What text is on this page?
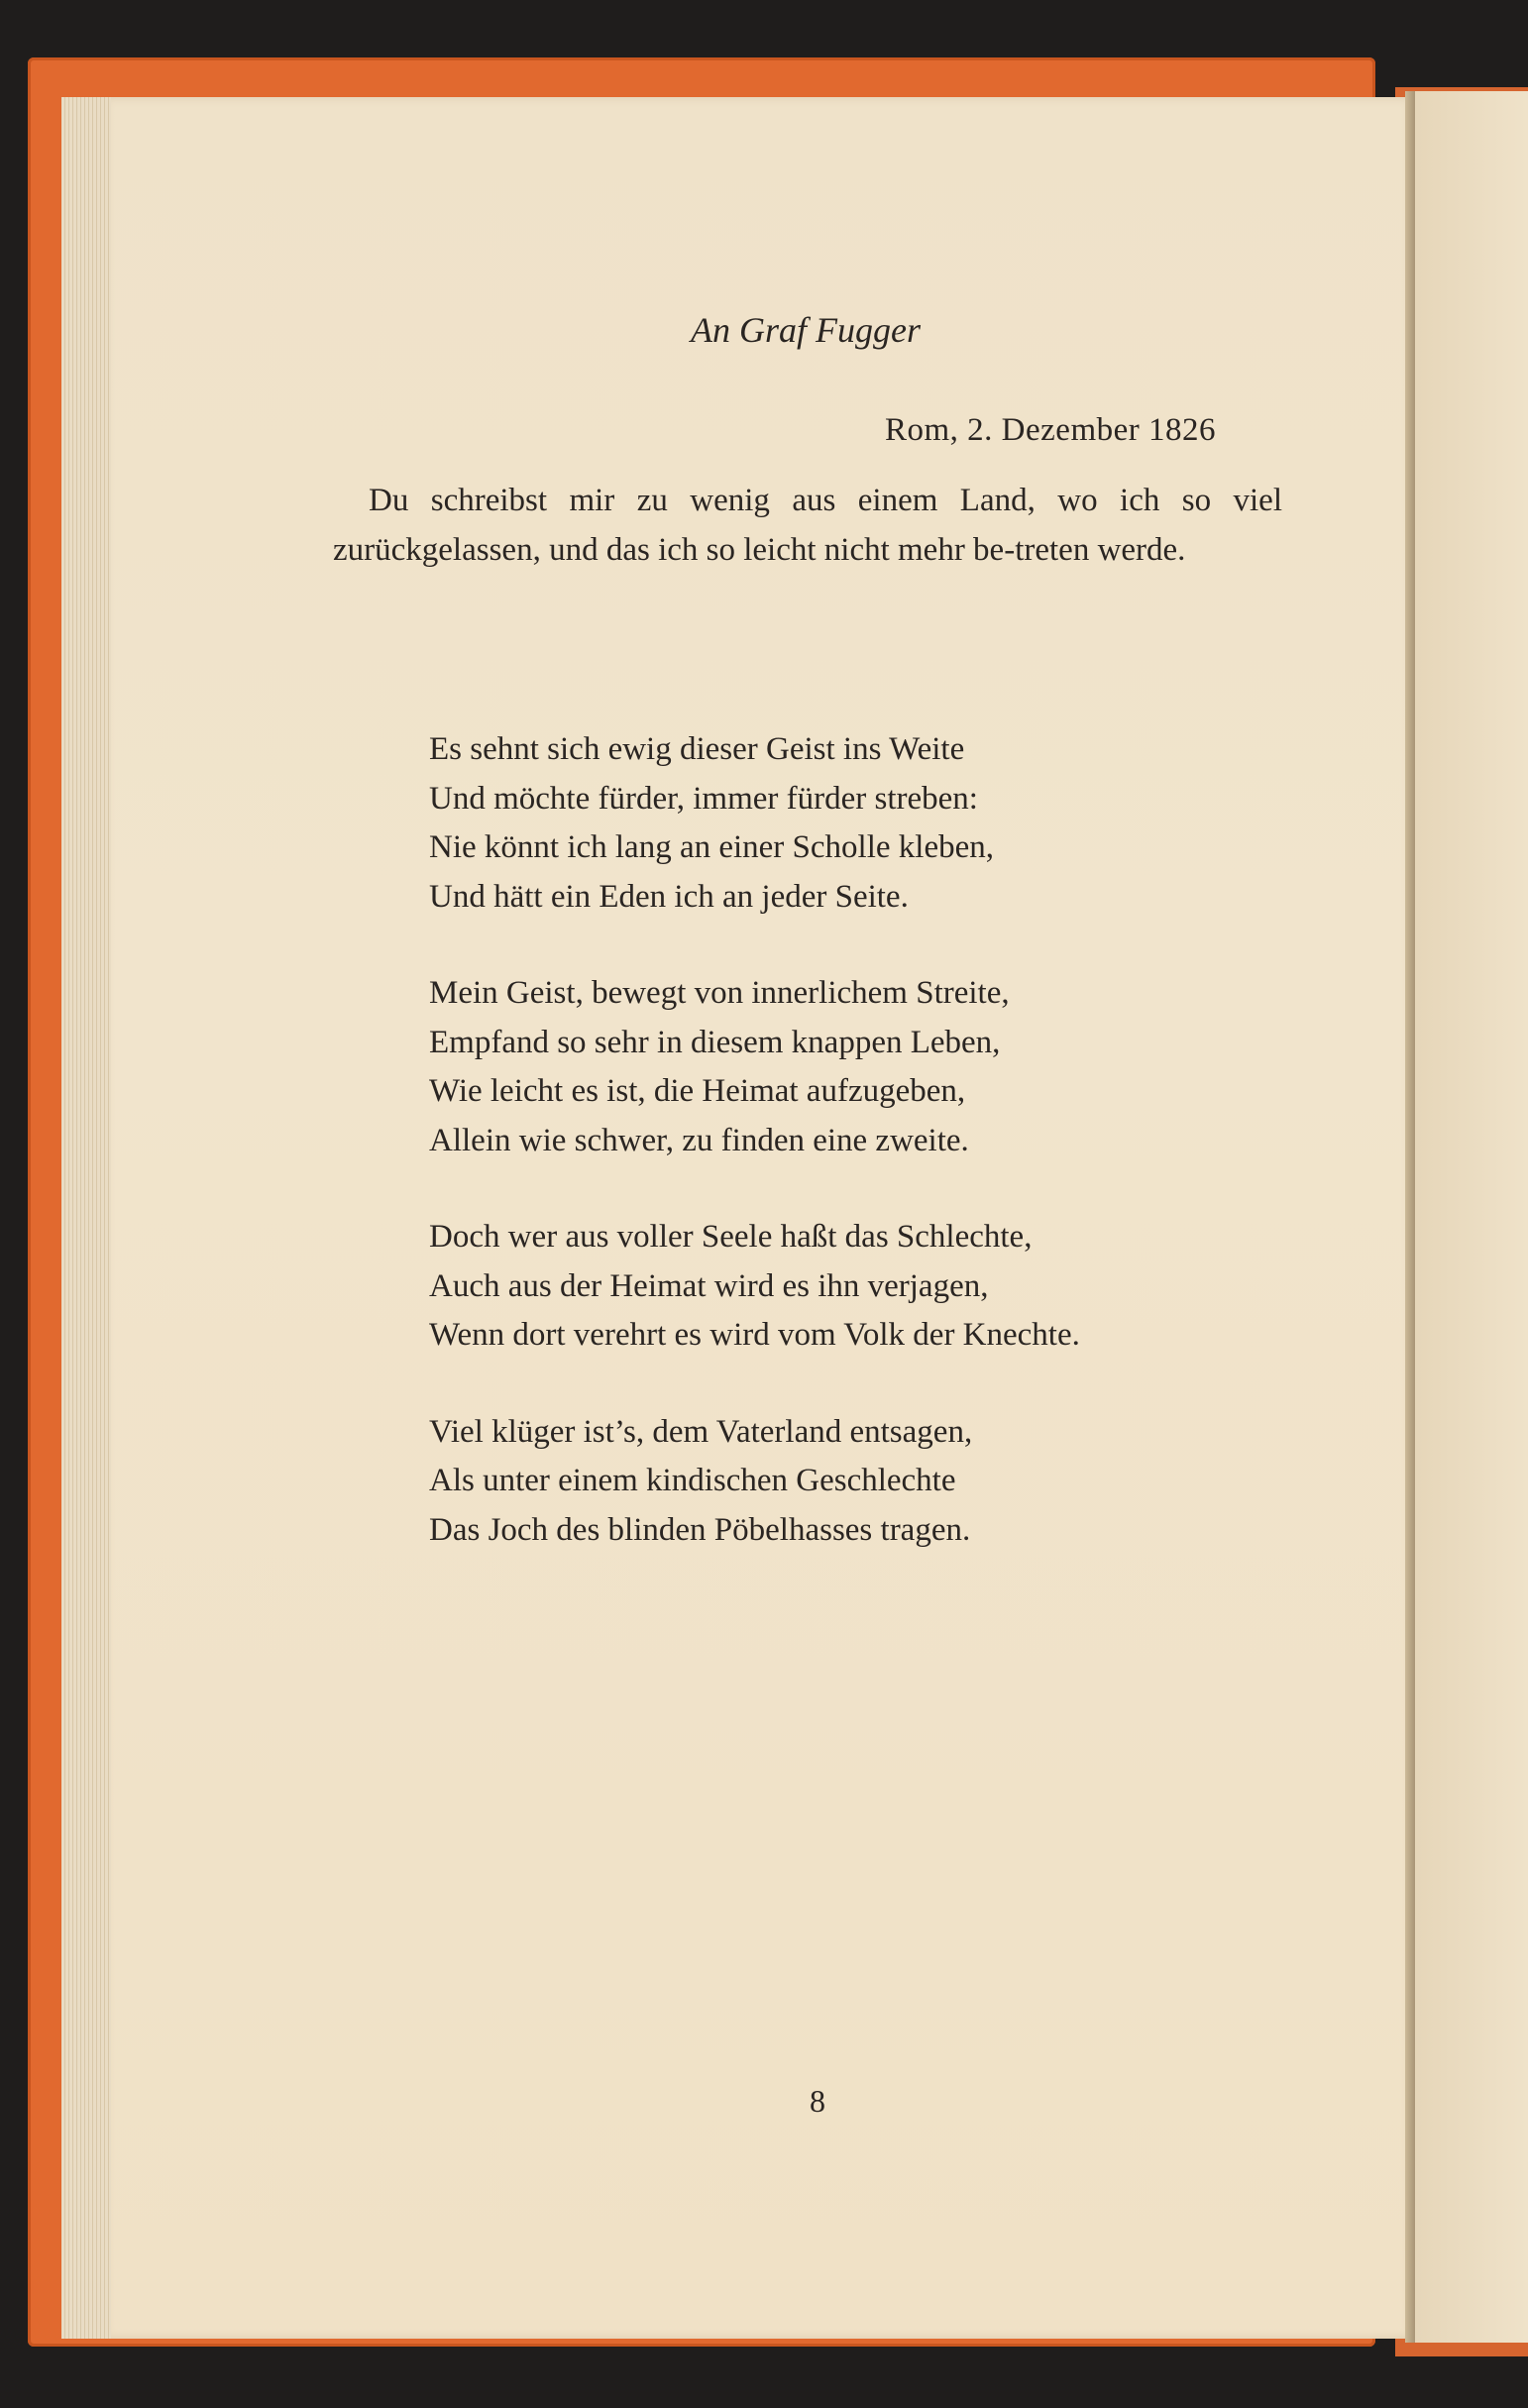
An Graf Fugger
Rom, 2. Dezember 1826
Du schreibst mir zu wenig aus einem Land, wo ich so viel zurückgelassen, und das ich so leicht nicht mehr be-treten werde.
Es sehnt sich ewig dieser Geist ins Weite
Und möchte fürder, immer fürder streben:
Nie könnt ich lang an einer Scholle kleben,
Und hätt ein Eden ich an jeder Seite.
Mein Geist, bewegt von innerlichem Streite,
Empfand so sehr in diesem knappen Leben,
Wie leicht es ist, die Heimat aufzugeben,
Allein wie schwer, zu finden eine zweite.
Doch wer aus voller Seele haßt das Schlechte,
Auch aus der Heimat wird es ihn verjagen,
Wenn dort verehrt es wird vom Volk der Knechte.
Viel klüger ist’s, dem Vaterland entsagen,
Als unter einem kindischen Geschlechte
Das Joch des blinden Pöbelhasses tragen.
8
